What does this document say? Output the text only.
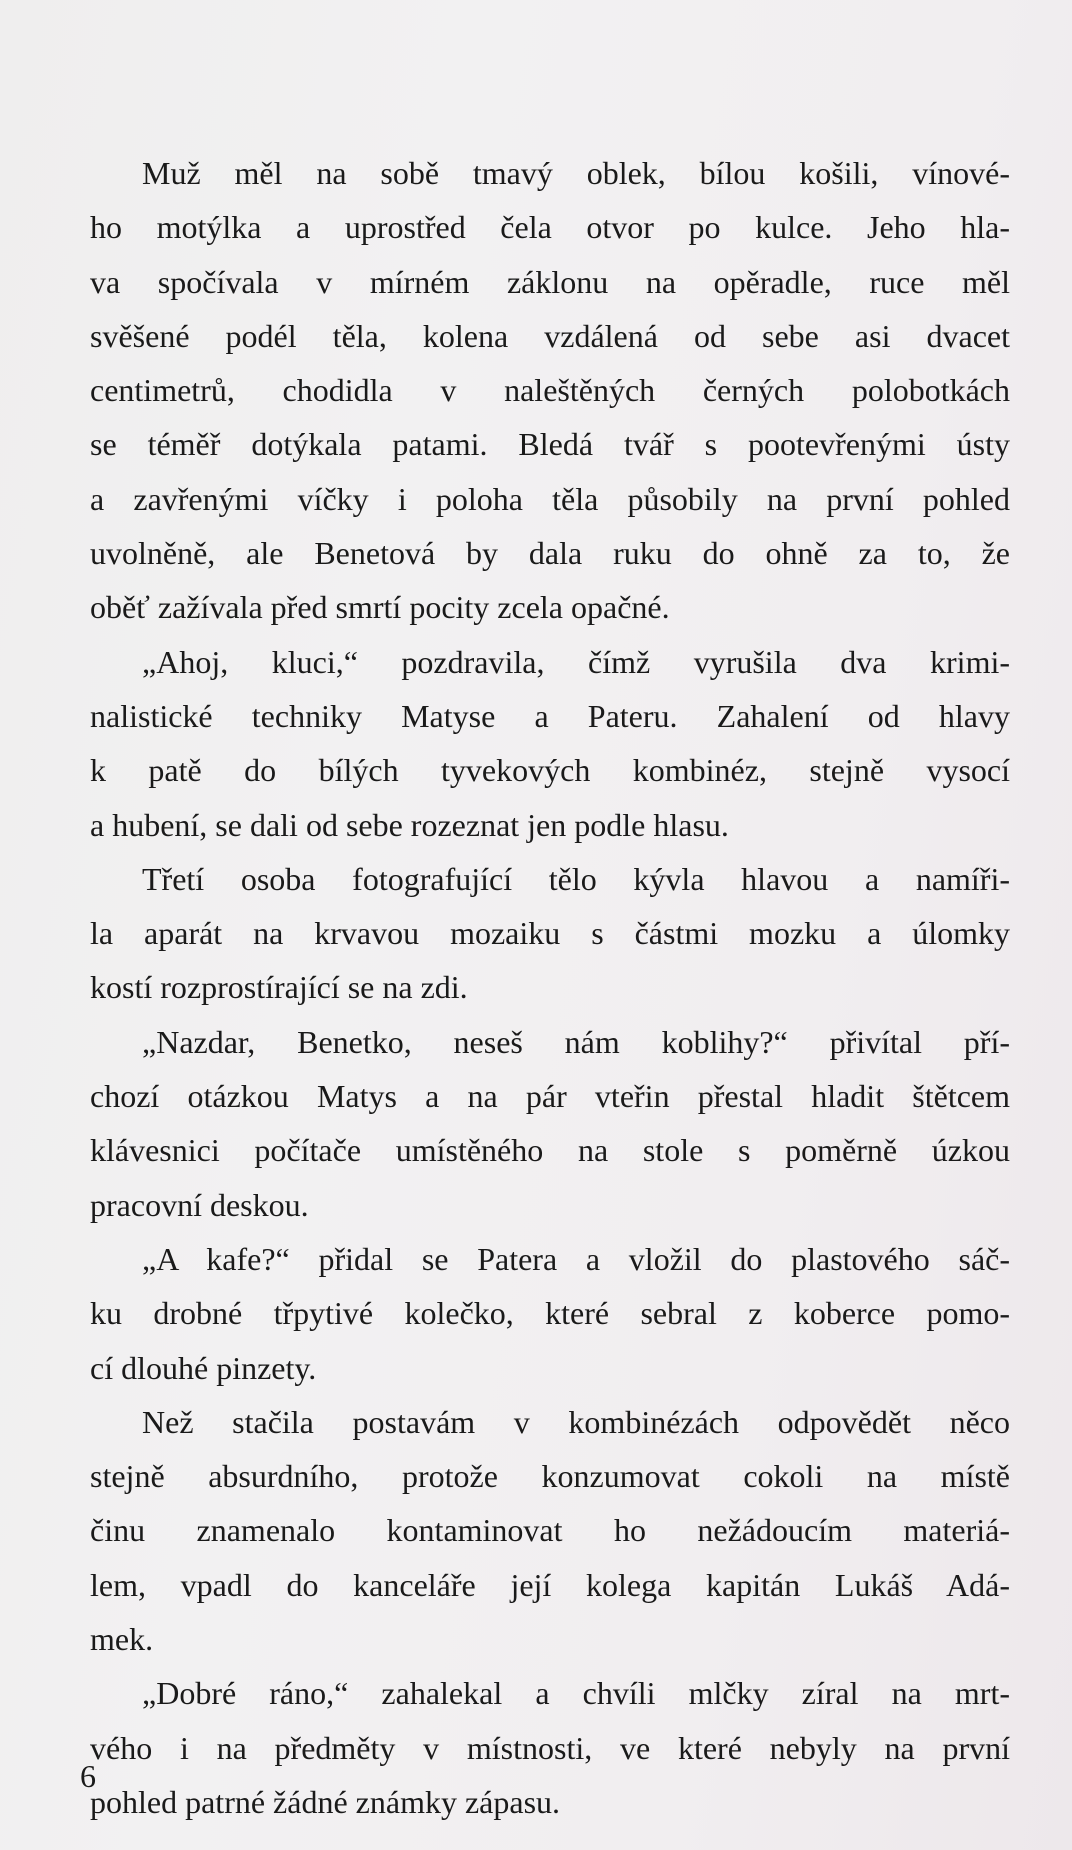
Muž měl na sobě tmavý oblek, bílou košili, vínové-
ho motýlka a uprostřed čela otvor po kulce. Jeho hla-
va spočívala v mírném záklonu na opěradle, ruce měl
svěšené podél těla, kolena vzdálená od sebe asi dvacet
centimetrů, chodidla v naleštěných černých polobotkách
se téměř dotýkala patami. Bledá tvář s pootevřenými ústy
a zavřenými víčky i poloha těla působily na první pohled
uvolněně, ale Benetová by dala ruku do ohně za to, že
oběť zažívala před smrtí pocity zcela opačné.
„Ahoj, kluci,“ pozdravila, čímž vyrušila dva krimi-
nalistické techniky Matyse a Pateru. Zahalení od hlavy
k patě do bílých tyvekových kombinéz, stejně vysocí
a hubení, se dali od sebe rozeznat jen podle hlasu.
Třetí osoba fotografující tělo kývla hlavou a namíři-
la aparát na krvavou mozaiku s částmi mozku a úlomky
kostí rozprostírající se na zdi.
„Nazdar, Benetko, neseš nám koblihy?“ přivítal pří-
chozí otázkou Matys a na pár vteřin přestal hladit štětcem
klávesnici počítače umístěného na stole s poměrně úzkou
pracovní deskou.
„A kafe?“ přidal se Patera a vložil do plastového sáč-
ku drobné třpytivé kolečko, které sebral z koberce pomo-
cí dlouhé pinzety.
Než stačila postavám v kombinézách odpovědět něco
stejně absurdního, protože konzumovat cokoli na místě
činu znamenalo kontaminovat ho nežádoucím materiá-
lem, vpadl do kanceláře její kolega kapitán Lukáš Adá-
mek.
„Dobré ráno,“ zahalekal a chvíli mlčky zíral na mrt-
vého i na předměty v místnosti, ve které nebyly na první
pohled patrné žádné známky zápasu.
6
